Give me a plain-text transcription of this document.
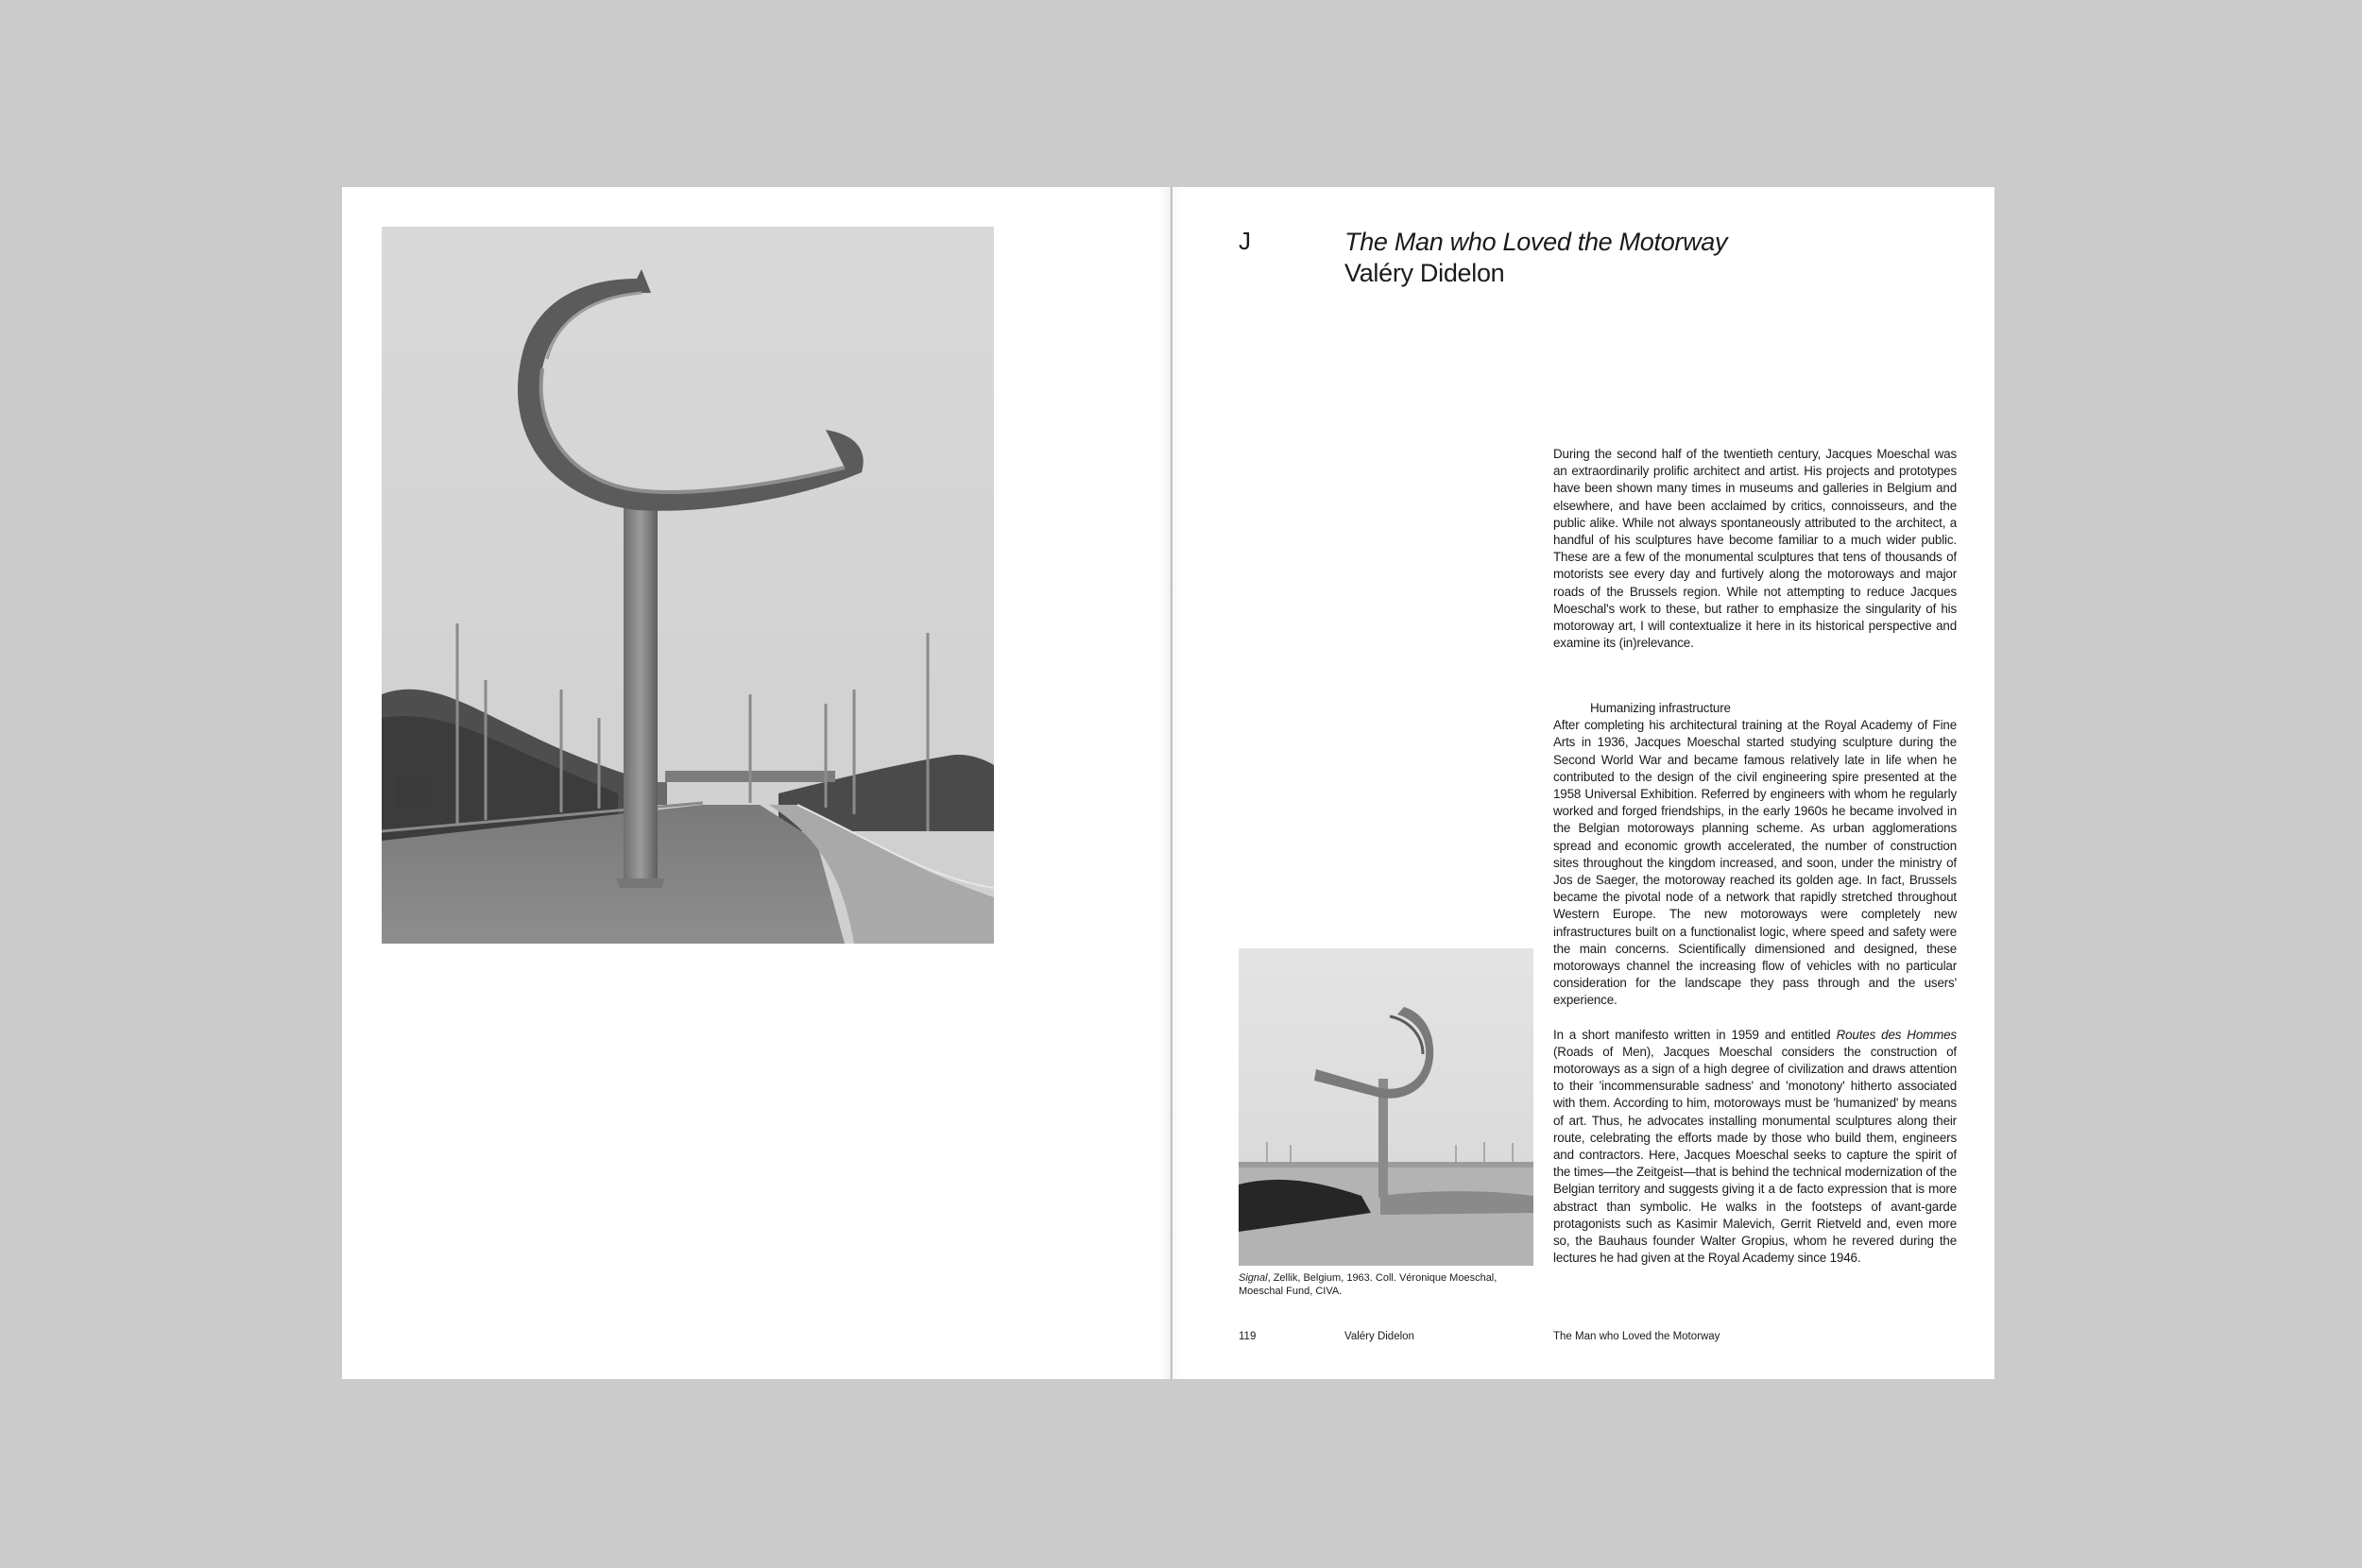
J	The Man who Loved the Motorway
Valéry Didelon

During the second half of the twentieth century, Jacques Moeschal was an extraordinarily prolific architect and artist. His projects and prototypes have been shown many times in museums and galleries in Belgium and elsewhere, and have been acclaimed by critics, connoisseurs, and the public alike. While not always spontaneously attributed to the architect, a handful of his sculptures have become familiar to a much wider public. These are a few of the monumental sculptures that tens of thousands of motorists see every day and furtively along the motoroways and major roads of the Brussels region. While not attempting to reduce Jacques Moeschal's work to these, but rather to emphasize the singularity of his motoroway art, I will contextualize it here in its historical perspective and examine its (in)relevance.

Humanizing infrastructure

After completing his architectural training at the Royal Academy of Fine Arts in 1936, Jacques Moeschal started studying sculpture during the Second World War and became famous relatively late in life when he contributed to the design of the civil engineering spire presented at the 1958 Universal Exhibition. Referred by engineers with whom he regularly worked and forged friendships, in the early 1960s he became involved in the Belgian motoroways planning scheme. As urban agglomerations spread and economic growth accelerated, the number of construction sites throughout the kingdom increased, and soon, under the ministry of Jos de Saeger, the motoroway reached its golden age. In fact, Brussels became the pivotal node of a network that rapidly stretched throughout Western Europe. The new motoroways were completely new infrastructures built on a functionalist logic, where speed and safety were the main concerns. Scientifically dimensioned and designed, these motoroways channel the increasing flow of vehicles with no particular consideration for the landscape they pass through and the users' experience.

In a short manifesto written in 1959 and entitled Routes des Hommes (Roads of Men), Jacques Moeschal considers the construction of motoroways as a sign of a high degree of civilization and draws attention to their 'incommensurable sadness' and 'monotony' hitherto associated with them. According to him, motoroways must be 'humanized' by means of art. Thus, he advocates installing monumental sculptures along their route, celebrating the efforts made by those who build them, engineers and contractors. Here, Jacques Moeschal seeks to capture the spirit of the times—the Zeitgeist—that is behind the technical modernization of the Belgian territory and suggests giving it a de facto expression that is more abstract than symbolic. He walks in the footsteps of avant-garde protagonists such as Kasimir Malevich, Gerrit Rietveld and, even more so, the Bauhaus founder Walter Gropius, whom he revered during the lectures he had given at the Royal Academy since 1946.

Signal, Zellik, Belgium, 1963. Coll. Véronique Moeschal, Moeschal Fund, CIVA.
119	Valéry Didelon	The Man who Loved the Motorway
